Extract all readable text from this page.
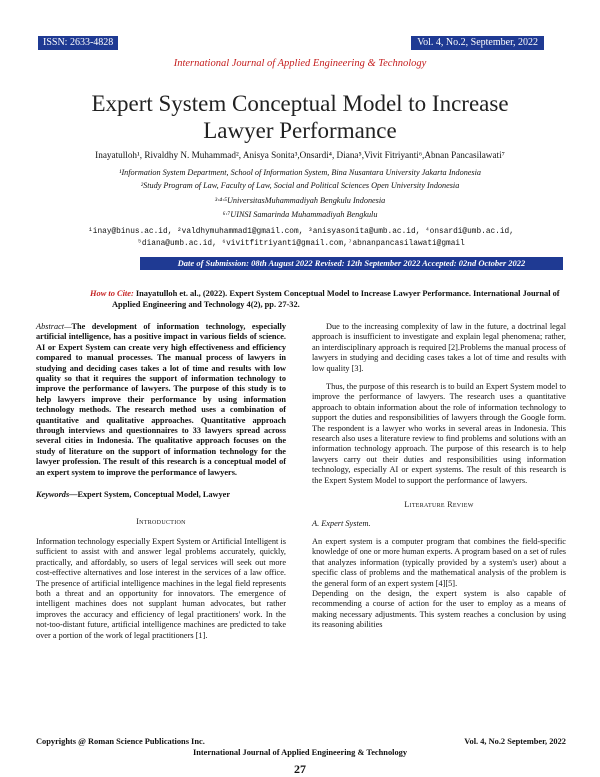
ISSN: 2633-4828	Vol. 4, No.2, September, 2022
International Journal of Applied Engineering & Technology
Expert System Conceptual Model to Increase
Lawyer Performance
Inayatulloh¹, Rivaldhy N. Muhammad², Anisya Sonita³,Onsardi⁴, Diana⁵,Vivit Fitriyanti⁶,Abnan Pancasilawati⁷
¹Information System Department, School of Information System, Bina Nusantara University Jakarta Indonesia
²Study Program of Law, Faculty of Law, Social and Political Sciences Open University Indonesia
³·⁴·⁵UniversitasMuhammadiyah Bengkulu Indonesia
⁶·⁷UINSI Samarinda Muhammadiyah Bengkulu
¹inay@binus.ac.id, ²valdhymuhammad1@gmail.com, ³anisyasonita@umb.ac.id, ⁴onsardi@umb.ac.id,
⁵diana@umb.ac.id, ⁶vivitfitriyanti@gmail.com,⁷abnanpancasilawati@gmail
Date of Submission: 08th August 2022 Revised: 12th September 2022 Accepted: 02nd October 2022
How to Cite: Inayatulloh et. al., (2022). Expert System Conceptual Model to Increase Lawyer Performance. International Journal of Applied Engineering and Technology 4(2), pp. 27-32.

Abstract—The development of information technology, especially artificial intelligence, has a positive impact in various fields of science. AI or Expert System can create very high effectiveness and efficiency compared to manual processes. The manual process of lawyers in studying and deciding cases takes a lot of time and results with low quality so that it requires the support of information technology to improve the performance of lawyers. The purpose of this study is to help lawyers improve their performance by using information technology methods. The research method uses a combination of quantitative and qualitative approaches. Quantitative approach through interviews and questionnaires to 33 lawyers spread across several cities in Indonesia. The qualitative approach focuses on the study of literature on the support of information technology for the lawyer profession. The result of this research is a conceptual model of an expert system to improve the performance of lawyers.

Keywords—Expert System, Conceptual Model, Lawyer

Introduction

Information technology especially Expert System or Artificial Intelligent is sufficient to assist with and answer legal problems accurately, quickly, practically, and affordably, so users of legal services will seek out more cost-effective alternatives and lose interest in the services of a law office. The presence of artificial intelligence machines in the legal field represents both a threat and an opportunity for innovators. The emergence of intelligent machines does not supplant human advocates, but rather improves the accuracy and efficiency of legal practitioners' work. In the not-too-distant future, artificial intelligence machines are predicted to take over a portion of the work of legal practitioners [1].

Due to the increasing complexity of law in the future, a doctrinal legal approach is insufficient to investigate and explain legal phenomena; rather, an interdisciplinary approach is required [2].Problems the manual process of lawyers in studying and deciding cases takes a lot of time and results with low quality [3].

Thus, the purpose of this research is to build an Expert System model to improve the performance of lawyers. The research uses a quantitative approach to obtain information about the role of information technology to support the duties and responsibilities of lawyers through the Google form. The respondent is a lawyer who works in several areas in Indonesia. This research also uses a literature review to find problems and solutions with an information technology approach. The purpose of this research is to help lawyers carry out their duties and responsibilities using information technology, especially AI or expert systems. The result of this research is the Expert System Model to support the performance of lawyers.

Literature Review

A. Expert System.

An expert system is a computer program that combines the field-specific knowledge of one or more human experts. A program based on a set of rules that analyzes information (typically provided by a system's user) about a specific class of problems and the mathematical analysis of the problem is the general form of an expert system [4][5].

Depending on the design, the expert system is also capable of recommending a course of action for the user to employ as a means of making necessary adjustments. This system reaches a conclusion by using its reasoning abilities

Copyrights @ Roman Science Publications Inc.	Vol. 4, No.2 September, 2022
International Journal of Applied Engineering & Technology
27
